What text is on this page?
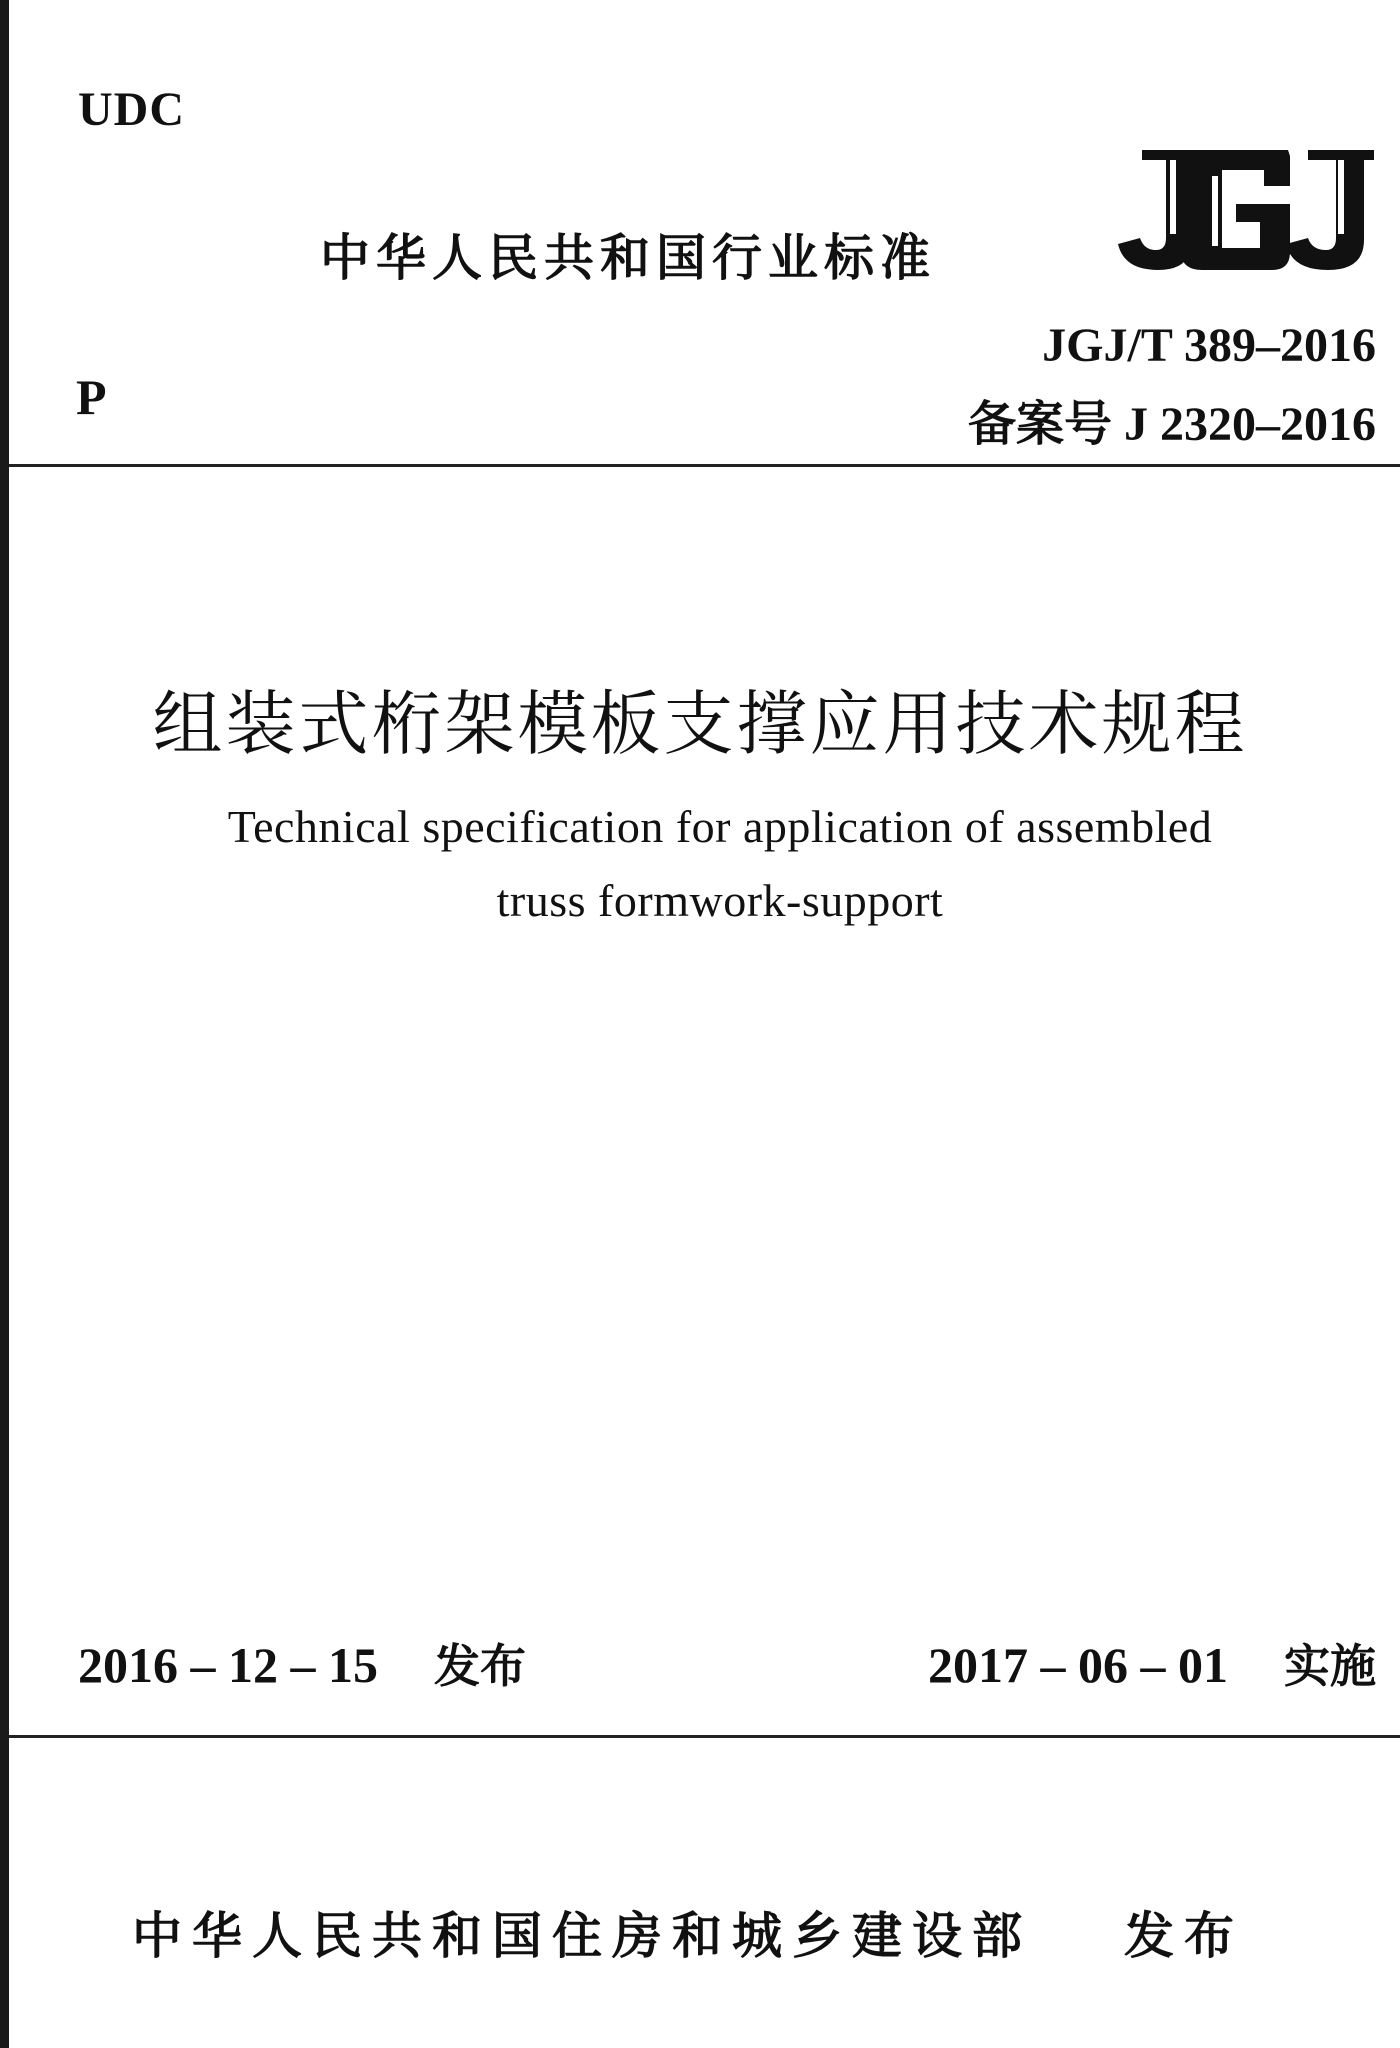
UDC
中华人民共和国行业标准
P
JGJ/T 389–2016
备案号 J 2320–2016
组装式桁架模板支撑应用技术规程
Technical specification for application of assembled
truss formwork-support
2016 – 12 – 15 发布	2017 – 06 – 01 实施
中华人民共和国住房和城乡建设部 发布
